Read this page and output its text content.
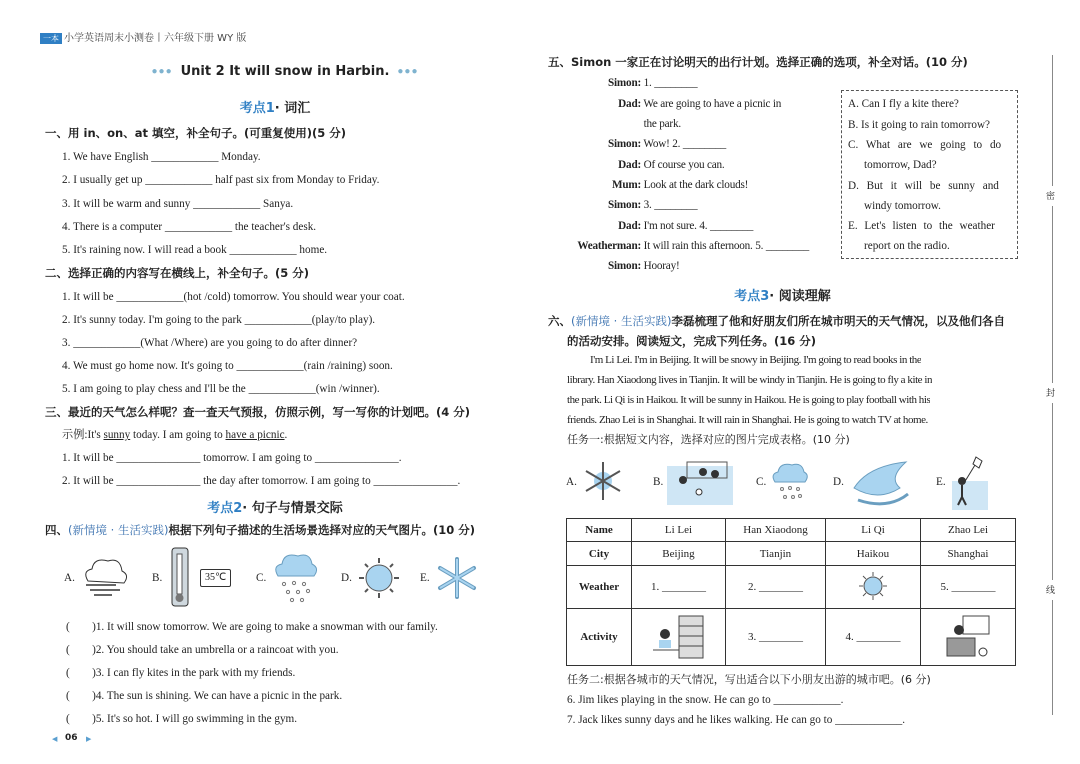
一本 小学英语周末小测卷丨六年级下册 WY 版
●●● Unit 2 It will snow in Harbin. ●●●
考点1· 词汇
一、用 in、on、at 填空，补全句子。(可重复使用)(5 分)
1. We have English ____________ Monday.
2. I usually get up ____________ half past six from Monday to Friday.
3. It will be warm and sunny ____________ Sanya.
4. There is a computer ____________ the teacher's desk.
5. It's raining now. I will read a book ____________ home.
二、选择正确的内容写在横线上，补全句子。(5 分)
1. It will be ____________(hot /cold) tomorrow. You should wear your coat.
2. It's sunny today. I'm going to the park ____________(play/to play).
3. ____________(What /Where) are you going to do after dinner?
4. We must go home now. It's going to ____________(rain /raining) soon.
5. I am going to play chess and I'll be the ____________(win /winner).
三、最近的天气怎么样呢？查一查天气预报，仿照示例，写一写你的计划吧。(4 分)
示例:It's sunny today. I am going to have a picnic.
1. It will be _______________ tomorrow. I am going to _______________.
2. It will be _______________ the day after tomorrow. I am going to _______________.
考点2· 句子与情景交际
四、(新情境 · 生活实践)根据下列句子描述的生活场景选择对应的天气图片。(10 分)
A.	B.	35℃	C.	D.	E.
(　　)1. It will snow tomorrow. We are going to make a snowman with our family.
(　　)2. You should take an umbrella or a raincoat with you.
(　　)3. I can fly kites in the park with my friends.
(　　)4. The sun is shining. We can have a picnic in the park.
(　　)5. It's so hot. I will go swimming in the gym.
◀ 06 ▶
五、Simon 一家正在讨论明天的出行计划。选择正确的选项，补全对话。(10 分)
Simon: 1. ________
Dad: We are going to have a picnic in
the park.
Simon: Wow! 2. ________
Dad: Of course you can.
Mum: Look at the dark clouds!
Simon: 3. ________
Dad: I'm not sure. 4. ________
Weatherman: It will rain this afternoon. 5. ________
Simon: Hooray!
A. Can I fly a kite there?
B. Is it going to rain tomorrow?
C. What are we going to do
tomorrow, Dad?
D. But it will be sunny and
windy tomorrow.
E. Let's listen to the weather
report on the radio.
考点3· 阅读理解
六、(新情境 · 生活实践)李磊梳理了他和好朋友们所在城市明天的天气情况，以及他们各自
的活动安排。阅读短文，完成下列任务。(16 分)
I'm Li Lei. I'm in Beijing. It will be snowy in Beijing. I'm going to read books in the
library. Han Xiaodong lives in Tianjin. It will be windy in Tianjin. He is going to fly a kite in
the park. Li Qi is in Haikou. It will be sunny in Haikou. He is going to play football with his
friends. Zhao Lei is in Shanghai. It will rain in Shanghai. He is going to watch TV at home.
任务一:根据短文内容，选择对应的图片完成表格。(10 分)
A.	B.	C.	D.	E.
Name	Li Lei	Han Xiaodong	Li Qi	Zhao Lei
City	Beijing	Tianjin	Haikou	Shanghai
Weather	1. ________	2. ________		5. ________
Activity		3. ________	4. ________	
任务二:根据各城市的天气情况，写出适合以下小朋友出游的城市吧。(6 分)
6. Jim likes playing in the snow. He can go to ____________.
7. Jack likes sunny days and he likes walking. He can go to ____________.
密
封
线
